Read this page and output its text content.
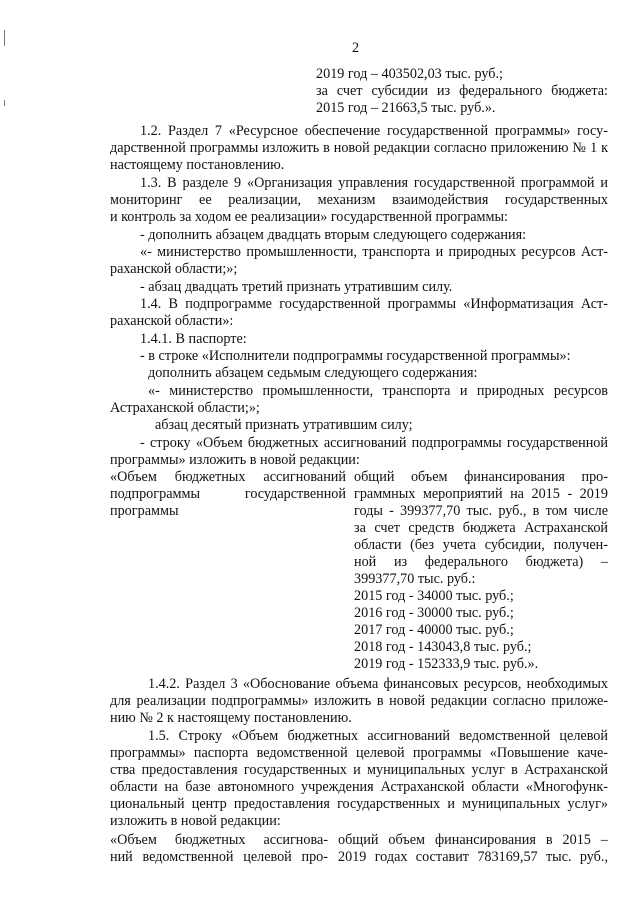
2
2019 год – 403502,03 тыс. руб.;
за счет субсидии из федерального бюджета:
2015 год – 21663,5 тыс. руб.».
1.2. Раздел 7 «Ресурсное обеспечение государственной программы» госу-
дарственной программы изложить в новой редакции согласно приложению № 1 к
настоящему постановлению.
1.3. В разделе 9 «Организация управления государственной программой и
мониторинг ее реализации, механизм взаимодействия государственных
и контроль за ходом ее реализации» государственной программы:
- дополнить абзацем двадцать вторым следующего содержания:
«- министерство промышленности, транспорта и природных ресурсов Аст-
раханской области;»;
- абзац двадцать третий признать утратившим силу.
1.4. В подпрограмме государственной программы «Информатизация Аст-
раханской области»:
1.4.1. В паспорте:
- в строке «Исполнители подпрограммы государственной программы»:
дополнить абзацем седьмым следующего содержания:
«- министерство промышленности, транспорта и природных ресурсов
Астраханской области;»;
абзац десятый признать утратившим силу;
- строку «Объем бюджетных ассигнований подпрограммы государственной
программы» изложить в новой редакции:
«Объем бюджетных ассигнований
подпрограммы государственной
программы
общий объем финансирования про-
граммных мероприятий на 2015 - 2019
годы - 399377,70 тыс. руб., в том числе
за счет средств бюджета Астраханской
области (без учета субсидии, получен-
ной из федерального бюджета) –
399377,70 тыс. руб.:
2015 год - 34000 тыс. руб.;
2016 год - 30000 тыс. руб.;
2017 год - 40000 тыс. руб.;
2018 год - 143043,8 тыс. руб.;
2019 год - 152333,9 тыс. руб.».
1.4.2. Раздел 3 «Обоснование объема финансовых ресурсов, необходимых
для реализации подпрограммы» изложить в новой редакции согласно приложе-
нию № 2 к настоящему постановлению.
1.5. Строку «Объем бюджетных ассигнований ведомственной целевой
программы» паспорта ведомственной целевой программы «Повышение каче-
ства предоставления государственных и муниципальных услуг в Астраханской
области на базе автономного учреждения Астраханской области «Многофунк-
циональный центр предоставления государственных и муниципальных услуг»
изложить в новой редакции:
«Объем бюджетных ассигнова-
ний ведомственной целевой про-
общий объем финансирования в 2015 –
2019 годах составит 783169,57 тыс. руб.,
